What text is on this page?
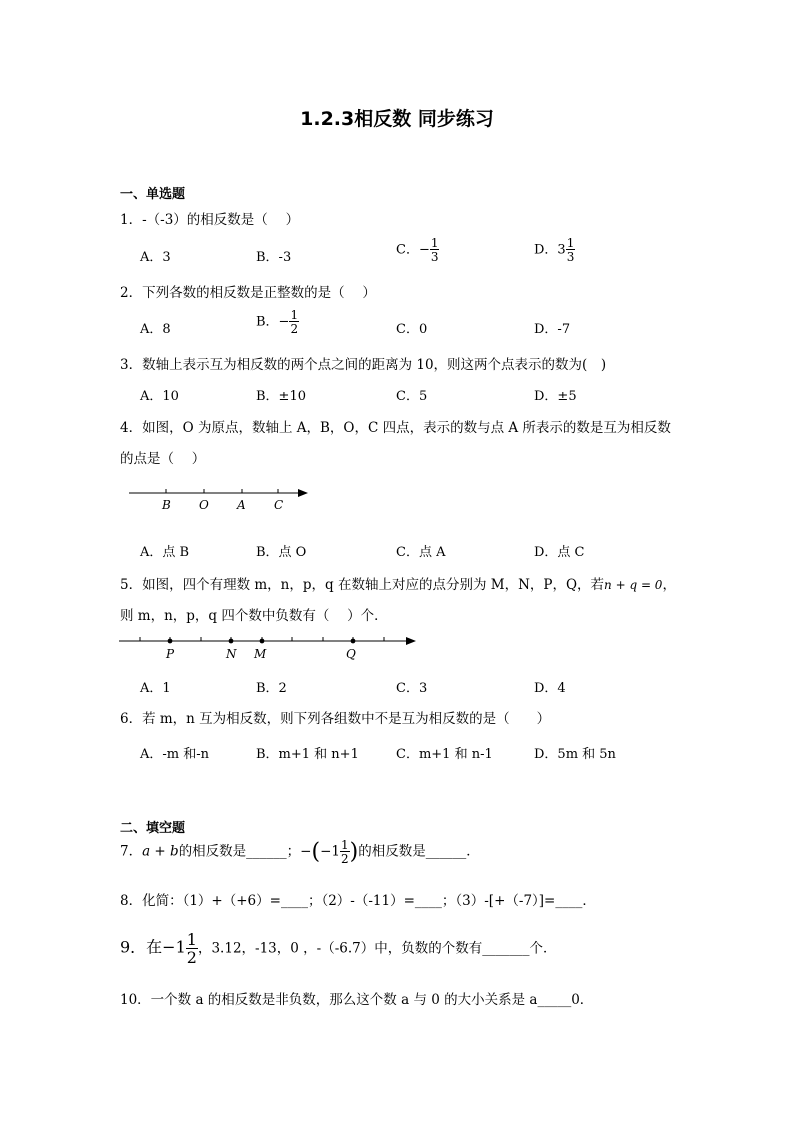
1.2.3相反数 同步练习
一、单选题
1．-（-3）的相反数是（　 ）
A．3	B．-3	C．− $\frac{1}{3}$	D．$3 \frac{1}{3}$
2．下列各数的相反数是正整数的是（　 ）
A．8	B．− $\frac{1}{2}$	C．0	D．-7
3．数轴上表示互为相反数的两个点之间的距离为 10，则这两个点表示的数为(　)
A．10	B．±10	C．5	D．±5
4．如图，O 为原点，数轴上 A，B，O，C 四点，表示的数与点 A 所表示的数是互为相反数
的点是（　 ）
B O A C
A．点 B	B．点 O	C．点 A	D．点 C
5．如图，四个有理数 m，n，p，q 在数轴上对应的点分别为 M，N，P，Q，若n + q = 0，
则 m，n，p，q 四个数中负数有（　 ）个．
P	N M	Q
A．1	B．2	C．3	D．4
6．若 m，n 互为相反数，则下列各组数中不是互为相反数的是（　　）
A．-m 和-n	B．m+1 和 n+1	C．m+1 和 n-1	D．5m 和 5n
二、填空题
7．a + b的相反数是______；$-(-1 \frac{1}{2}$ )的相反数是______．
8．化简：（1）+（+6）=____；（2）-（-11）=____；（3）-[+（-7）]=____．
9．在$-1 \frac{1}{2}$ ，3.12，-13，0 ，-（-6.7）中，负数的个数有_______个．
10．一个数 a 的相反数是非负数，那么这个数 a 与 0 的大小关系是 a_____0．
